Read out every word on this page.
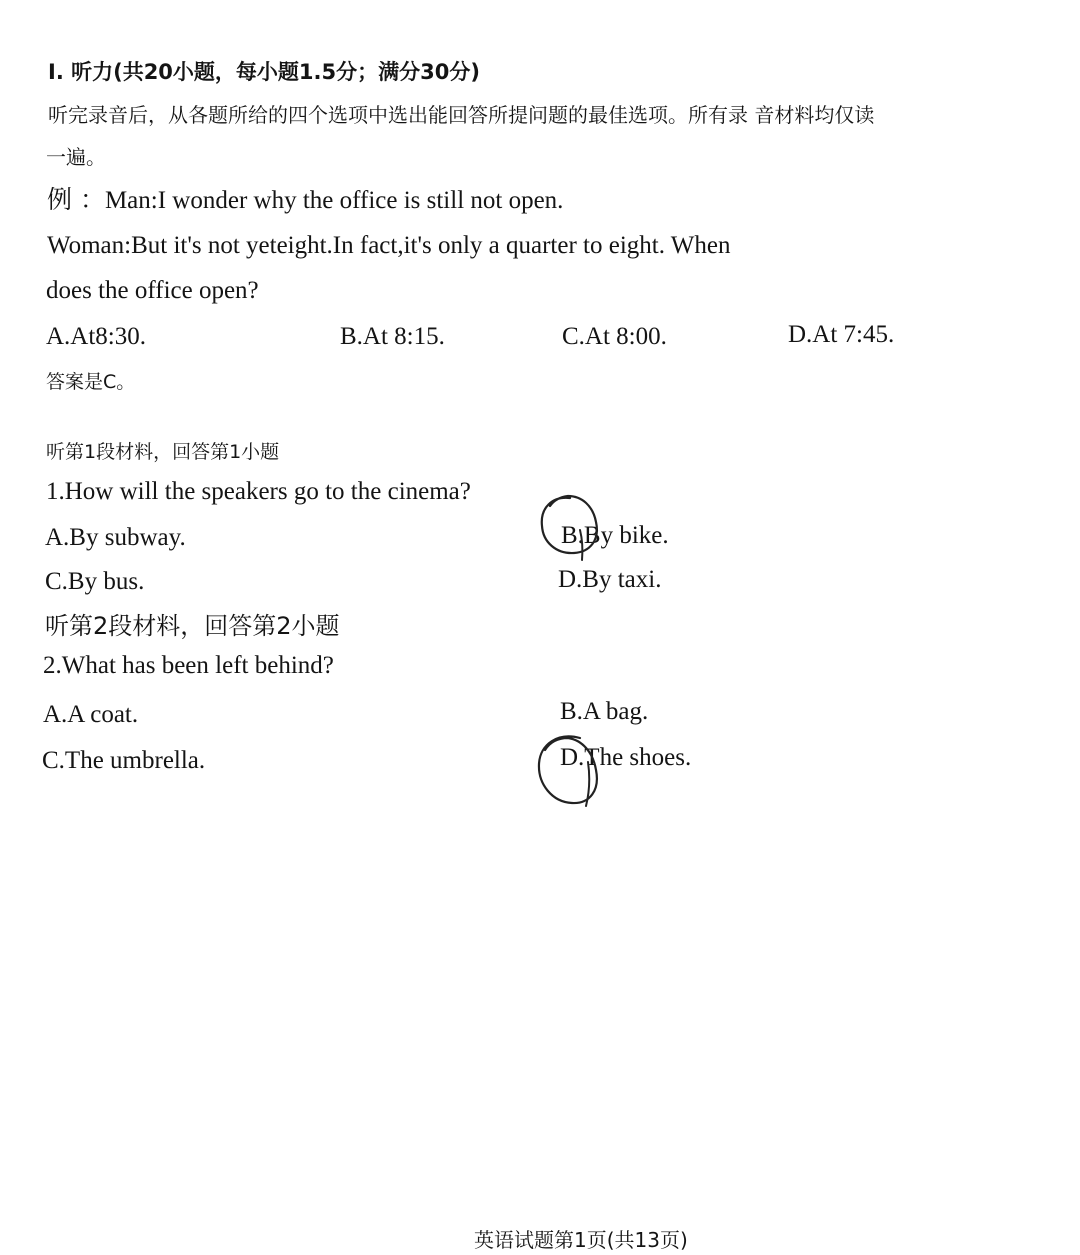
I. 听力(共20小题，每小题1.5分；满分30分)
听完录音后，从各题所给的四个选项中选出能回答所提问题的最佳选项。所有录 音材料均仅读
一遍。
例 ：Man:I wonder why the office is still not open.
Woman:But it's not yeteight.In fact,it's only a quarter to eight. When
does the office open?
A.At8:30.	B.At 8:15.	C.At 8:00.	D.At 7:45.
答案是C。
听第1段材料，回答第1小题
1.How will the speakers go to the cinema?
A.By subway.	B.By bike.
C.By bus.	D.By taxi.
听第2段材料，回答第2小题
2.What has been left behind?
A.A coat.	B.A bag.
C.The umbrella.	D.The shoes.
英语试题第1页(共13页)
